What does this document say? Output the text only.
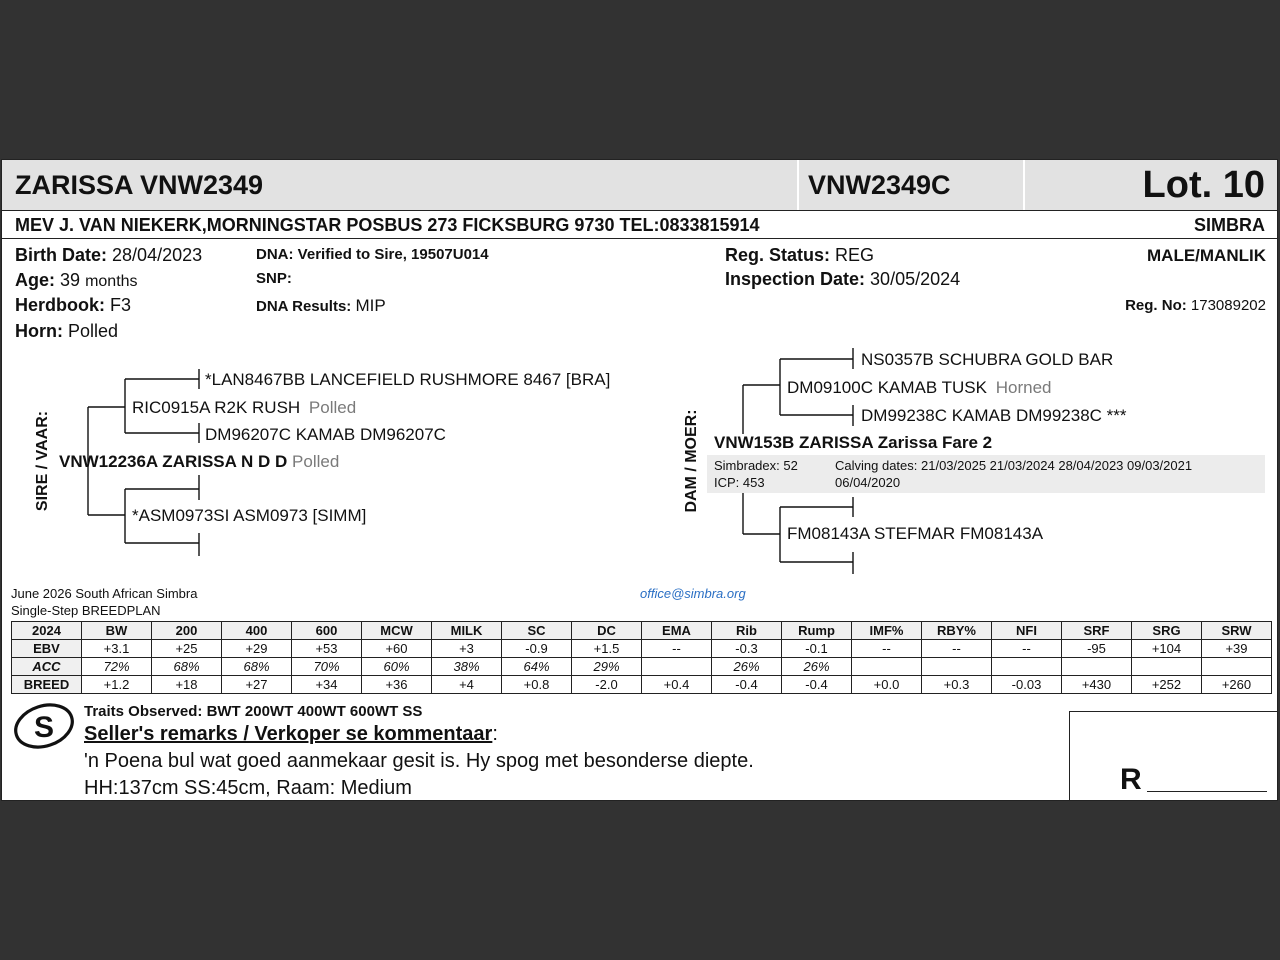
ZARISSA VNW2349	VNW2349C	Lot. 10
MEV J. VAN NIEKERK,MORNINGSTAR POSBUS 273 FICKSBURG 9730 TEL:0833815914	SIMBRA
Birth Date: 28/04/2023
Age: 39 months
Herdbook: F3
Horn: Polled
DNA: Verified to Sire, 19507U014
SNP:
DNA Results: MIP
Reg. Status: REG
Inspection Date: 30/05/2024
MALE/MANLIK
Reg. No: 173089202
SIRE / VAAR:
*LAN8467BB LANCEFIELD RUSHMORE 8467 [BRA]
RIC0915A R2K RUSH Polled
DM96207C KAMAB DM96207C
VNW12236A ZARISSA N D D Polled
*ASM0973SI ASM0973 [SIMM]
DAM / MOER:
NS0357B SCHUBRA GOLD BAR
DM09100C KAMAB TUSK Horned
DM99238C KAMAB DM99238C ***
VNW153B ZARISSA Zarissa Fare 2
Simbradex: 52
ICP: 453
Calving dates: 21/03/2025 21/03/2024 28/04/2023 09/03/2021
06/04/2020
FM08143A STEFMAR FM08143A
June 2026 South African Simbra
Single-Step BREEDPLAN
office@simbra.org
2024	BW	200	400	600	MCW	MILK	SC	DC	EMA	Rib	Rump	IMF%	RBY%	NFI	SRF	SRG	SRW
EBV	+3.1	+25	+29	+53	+60	+3	-0.9	+1.5	--	-0.3	-0.1	--	--	--	-95	+104	+39
ACC	72%	68%	68%	70%	60%	38%	64%	29%		26%	26%						
BREED	+1.2	+18	+27	+34	+36	+4	+0.8	-2.0	+0.4	-0.4	-0.4	+0.0	+0.3	-0.03	+430	+252	+260
S Traits Observed: BWT 200WT 400WT 600WT SS
Seller's remarks / Verkoper se kommentaar:
'n Poena bul wat goed aanmekaar gesit is. Hy spog met besonderse diepte.
HH:137cm SS:45cm, Raam: Medium	R
